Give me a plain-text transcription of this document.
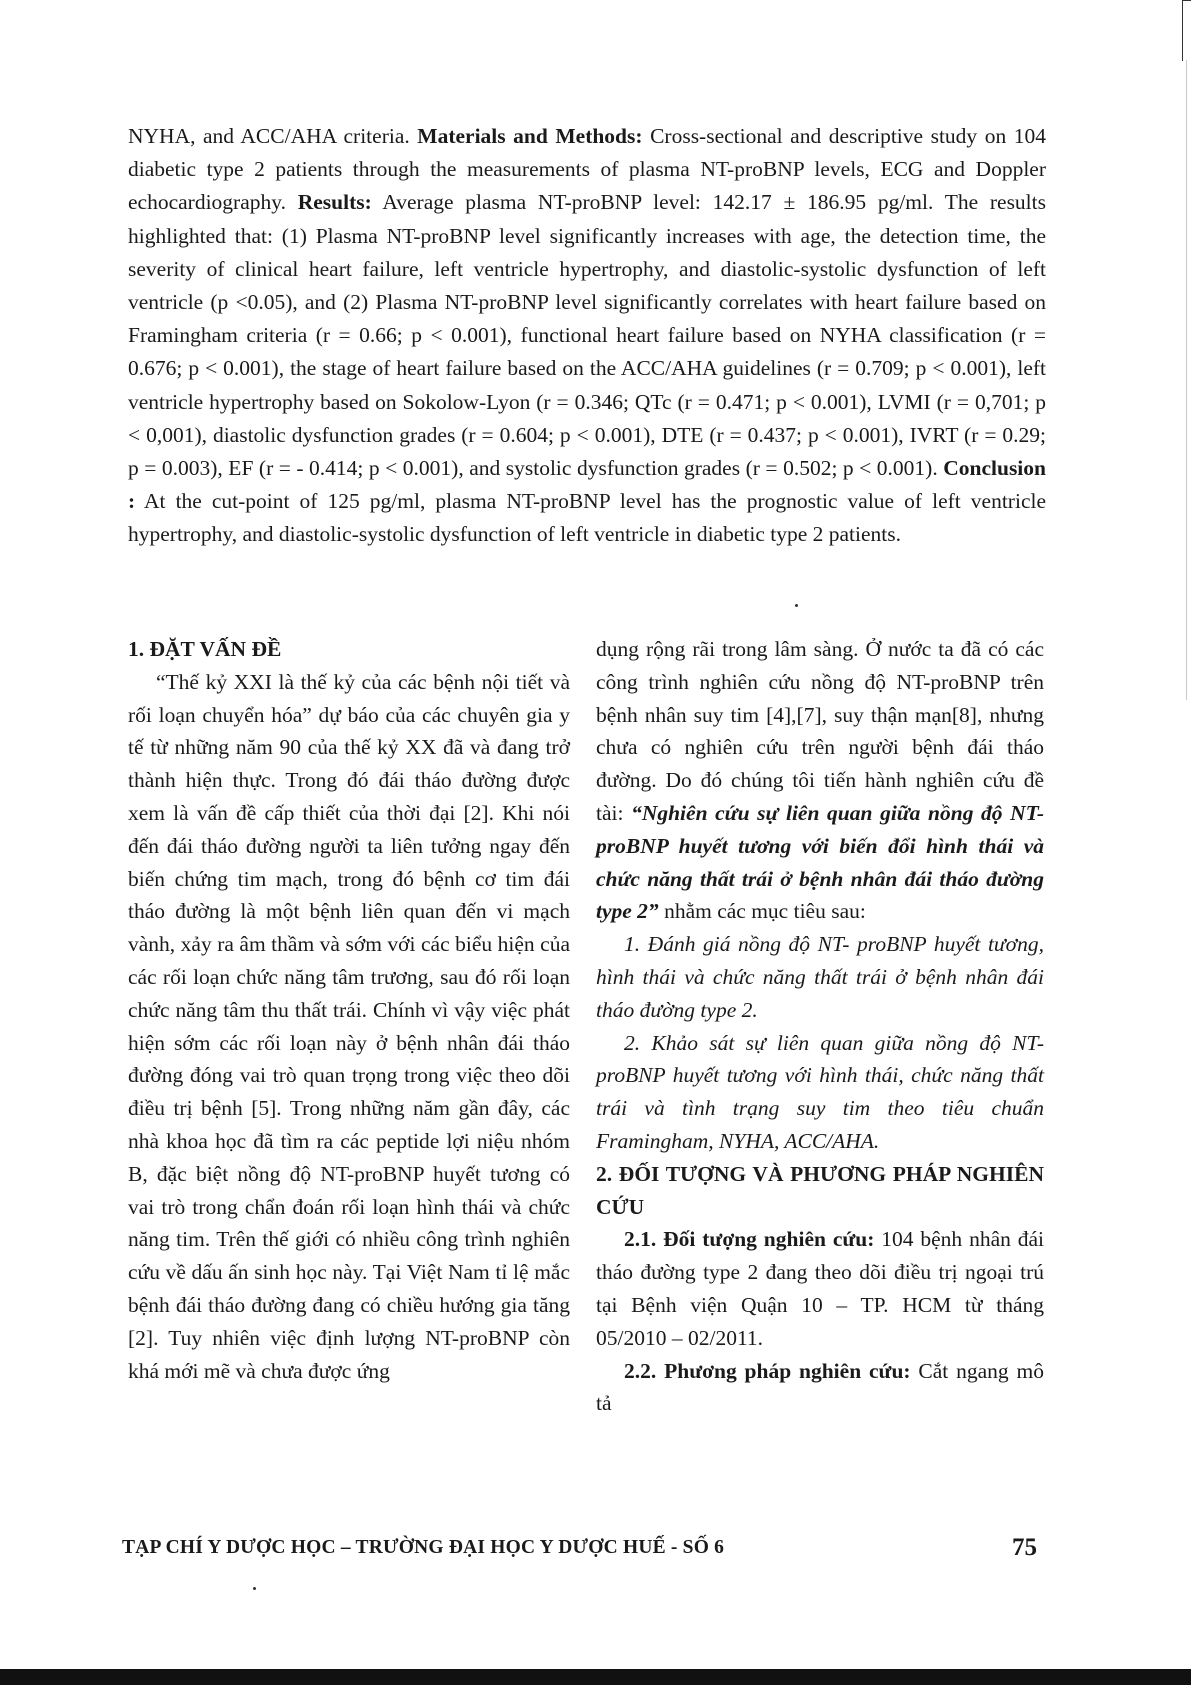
NYHA, and ACC/AHA criteria. Materials and Methods: Cross-sectional and descriptive study on 104 diabetic type 2 patients through the measurements of plasma NT-proBNP levels, ECG and Doppler echocardiography. Results: Average plasma NT-proBNP level: 142.17 ± 186.95 pg/ml. The results highlighted that: (1) Plasma NT-proBNP level significantly increases with age, the detection time, the severity of clinical heart failure, left ventricle hypertrophy, and diastolic-systolic dysfunction of left ventricle (p <0.05), and (2) Plasma NT-proBNP level significantly correlates with heart failure based on Framingham criteria (r = 0.66; p < 0.001), functional heart failure based on NYHA classification (r = 0.676; p < 0.001), the stage of heart failure based on the ACC/AHA guidelines (r = 0.709; p < 0.001), left ventricle hypertrophy based on Sokolow-Lyon (r = 0.346; QTc (r = 0.471; p < 0.001), LVMI (r = 0,701; p < 0,001), diastolic dysfunction grades (r = 0.604; p < 0.001), DTE (r = 0.437; p < 0.001), IVRT (r = 0.29; p = 0.003), EF (r = - 0.414; p < 0.001), and systolic dysfunction grades (r = 0.502; p < 0.001). Conclusion : At the cut-point of 125 pg/ml, plasma NT-proBNP level has the prognostic value of left ventricle hypertrophy, and diastolic-systolic dysfunction of left ventricle in diabetic type 2 patients.

1. ĐẶT VẤN ĐỀ

“Thế kỷ XXI là thế kỷ của các bệnh nội tiết và rối loạn chuyển hóa” dự báo của các chuyên gia y tế từ những năm 90 của thế kỷ XX đã và đang trở thành hiện thực. Trong đó đái tháo đường được xem là vấn đề cấp thiết của thời đại [2]. Khi nói đến đái tháo đường người ta liên tưởng ngay đến biến chứng tim mạch, trong đó bệnh cơ tim đái tháo đường là một bệnh liên quan đến vi mạch vành, xảy ra âm thầm và sớm với các biểu hiện của các rối loạn chức năng tâm trương, sau đó rối loạn chức năng tâm thu thất trái. Chính vì vậy việc phát hiện sớm các rối loạn này ở bệnh nhân đái tháo đường đóng vai trò quan trọng trong việc theo dõi điều trị bệnh [5]. Trong những năm gần đây, các nhà khoa học đã tìm ra các peptide lợi niệu nhóm B, đặc biệt nồng độ NT-proBNP huyết tương có vai trò trong chẩn đoán rối loạn hình thái và chức năng tim. Trên thế giới có nhiều công trình nghiên cứu về dấu ấn sinh học này. Tại Việt Nam tỉ lệ mắc bệnh đái tháo đường đang có chiều hướng gia tăng [2]. Tuy nhiên việc định lượng NT-proBNP còn khá mới mẽ và chưa được ứng

dụng rộng rãi trong lâm sàng. Ở nước ta đã có các công trình nghiên cứu nồng độ NT-proBNP trên bệnh nhân suy tim [4],[7], suy thận mạn[8], nhưng chưa có nghiên cứu trên người bệnh đái tháo đường. Do đó chúng tôi tiến hành nghiên cứu đề tài: “Nghiên cứu sự liên quan giữa nồng độ NT-proBNP huyết tương với biến đổi hình thái và chức năng thất trái ở bệnh nhân đái tháo đường type 2” nhằm các mục tiêu sau:

1. Đánh giá nồng độ NT- proBNP huyết tương, hình thái và chức năng thất trái ở bệnh nhân đái tháo đường type 2.

2. Khảo sát sự liên quan giữa nồng độ NT-proBNP huyết tương với hình thái, chức năng thất trái và tình trạng suy tim theo tiêu chuẩn Framingham, NYHA, ACC/AHA.

2. ĐỐI TƯỢNG VÀ PHƯƠNG PHÁP NGHIÊN CỨU

2.1. Đối tượng nghiên cứu: 104 bệnh nhân đái tháo đường type 2 đang theo dõi điều trị ngoại trú tại Bệnh viện Quận 10 – TP. HCM từ tháng 05/2010 – 02/2011.

2.2. Phương pháp nghiên cứu: Cắt ngang mô tả

TẠP CHÍ Y DƯỢC HỌC – TRƯỜNG ĐẠI HỌC Y DƯỢC HUẾ - SỐ 6	75
